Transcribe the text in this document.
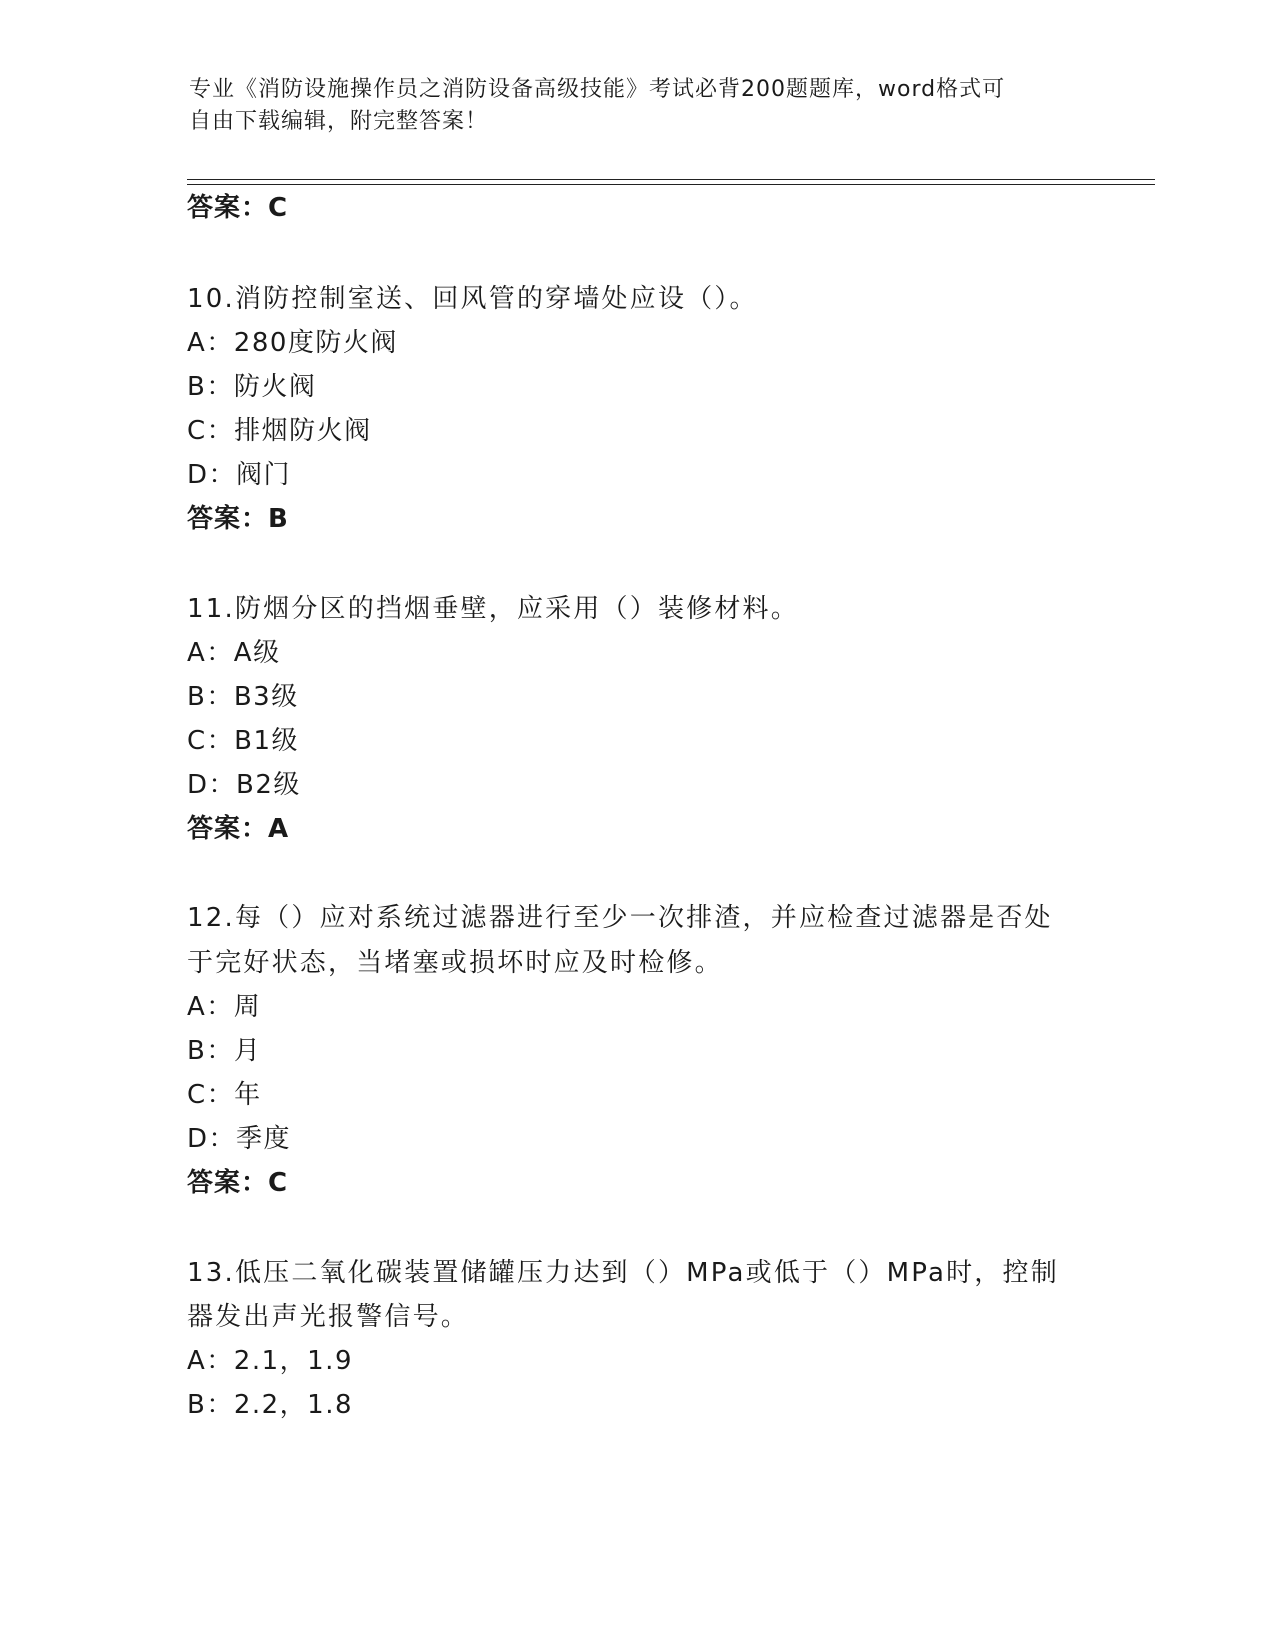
专业《消防设施操作员之消防设备高级技能》考试必背200题题库，word格式可
自由下载编辑，附完整答案！
答案：C
10.消防控制室送、回风管的穿墙处应设（）。
A：280度防火阀
B：防火阀
C：排烟防火阀
D：阀门
答案：B
11.防烟分区的挡烟垂壁，应采用（）装修材料。
A：A级
B：B3级
C：B1级
D：B2级
答案：A
12.每（）应对系统过滤器进行至少一次排渣，并应检查过滤器是否处
于完好状态，当堵塞或损坏时应及时检修。
A：周
B：月
C：年
D：季度
答案：C
13.低压二氧化碳装置储罐压力达到（）MPa或低于（）MPa时，控制
器发出声光报警信号。
A：2.1，1.9
B：2.2，1.8
